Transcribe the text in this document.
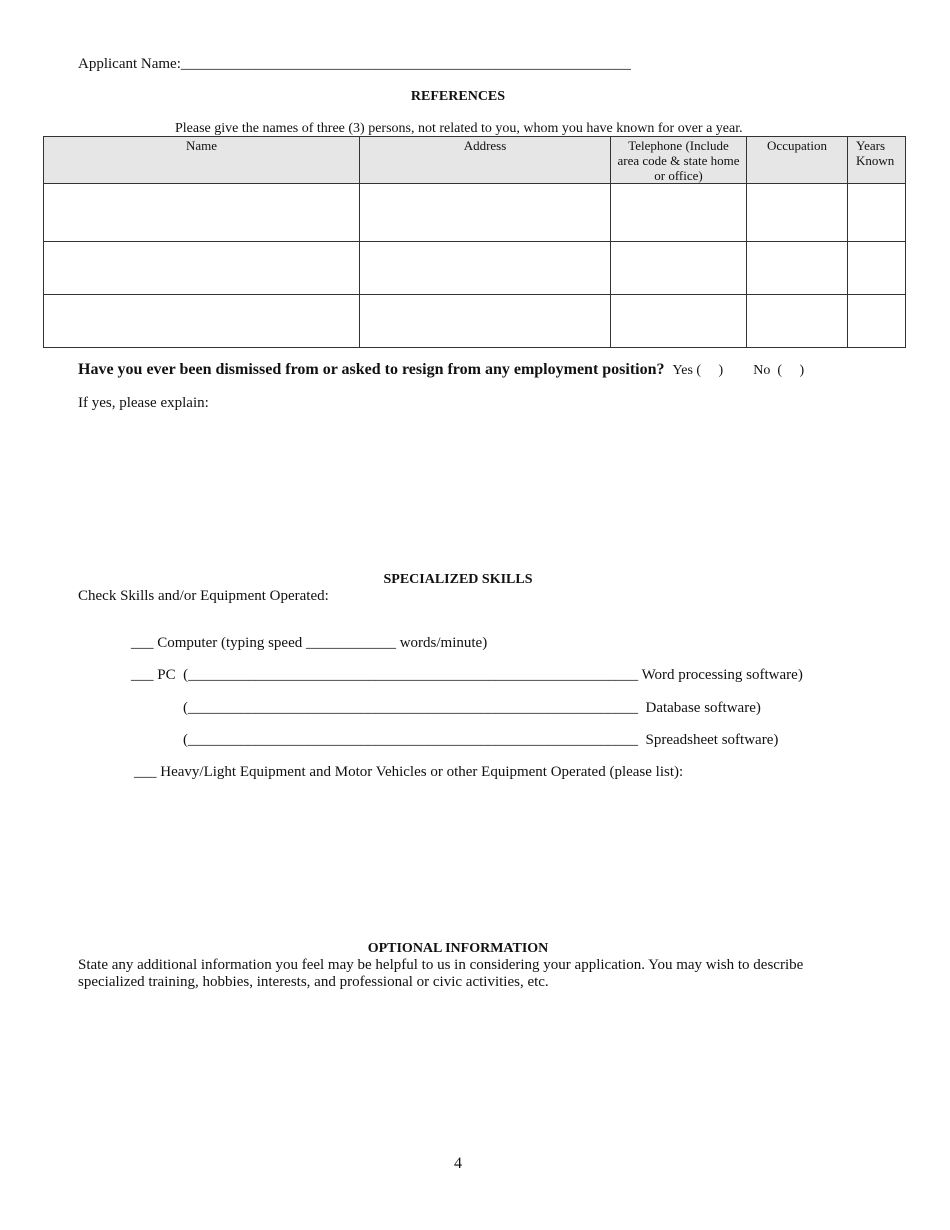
Applicant Name:____________________________________________________________
REFERENCES
Please give the names of three (3) persons, not related to you, whom you have known for over a year.
Name	Address	Telephone (Include area code & state home or office)	Occupation	Years Known

Have you ever been dismissed from or asked to resign from any employment position? Yes (     ) No  (     )
If yes, please explain:
SPECIALIZED SKILLS
Check Skills and/or Equipment Operated:
___ Computer (typing speed ____________ words/minute)
___ PC  (____________________________________________________________ Word processing software)
(____________________________________________________________  Database software)
(____________________________________________________________  Spreadsheet software)
___ Heavy/Light Equipment and Motor Vehicles or other Equipment Operated (please list):
OPTIONAL INFORMATION
State any additional information you feel may be helpful to us in considering your application. You may wish to describe specialized training, hobbies, interests, and professional or civic activities, etc.
4
